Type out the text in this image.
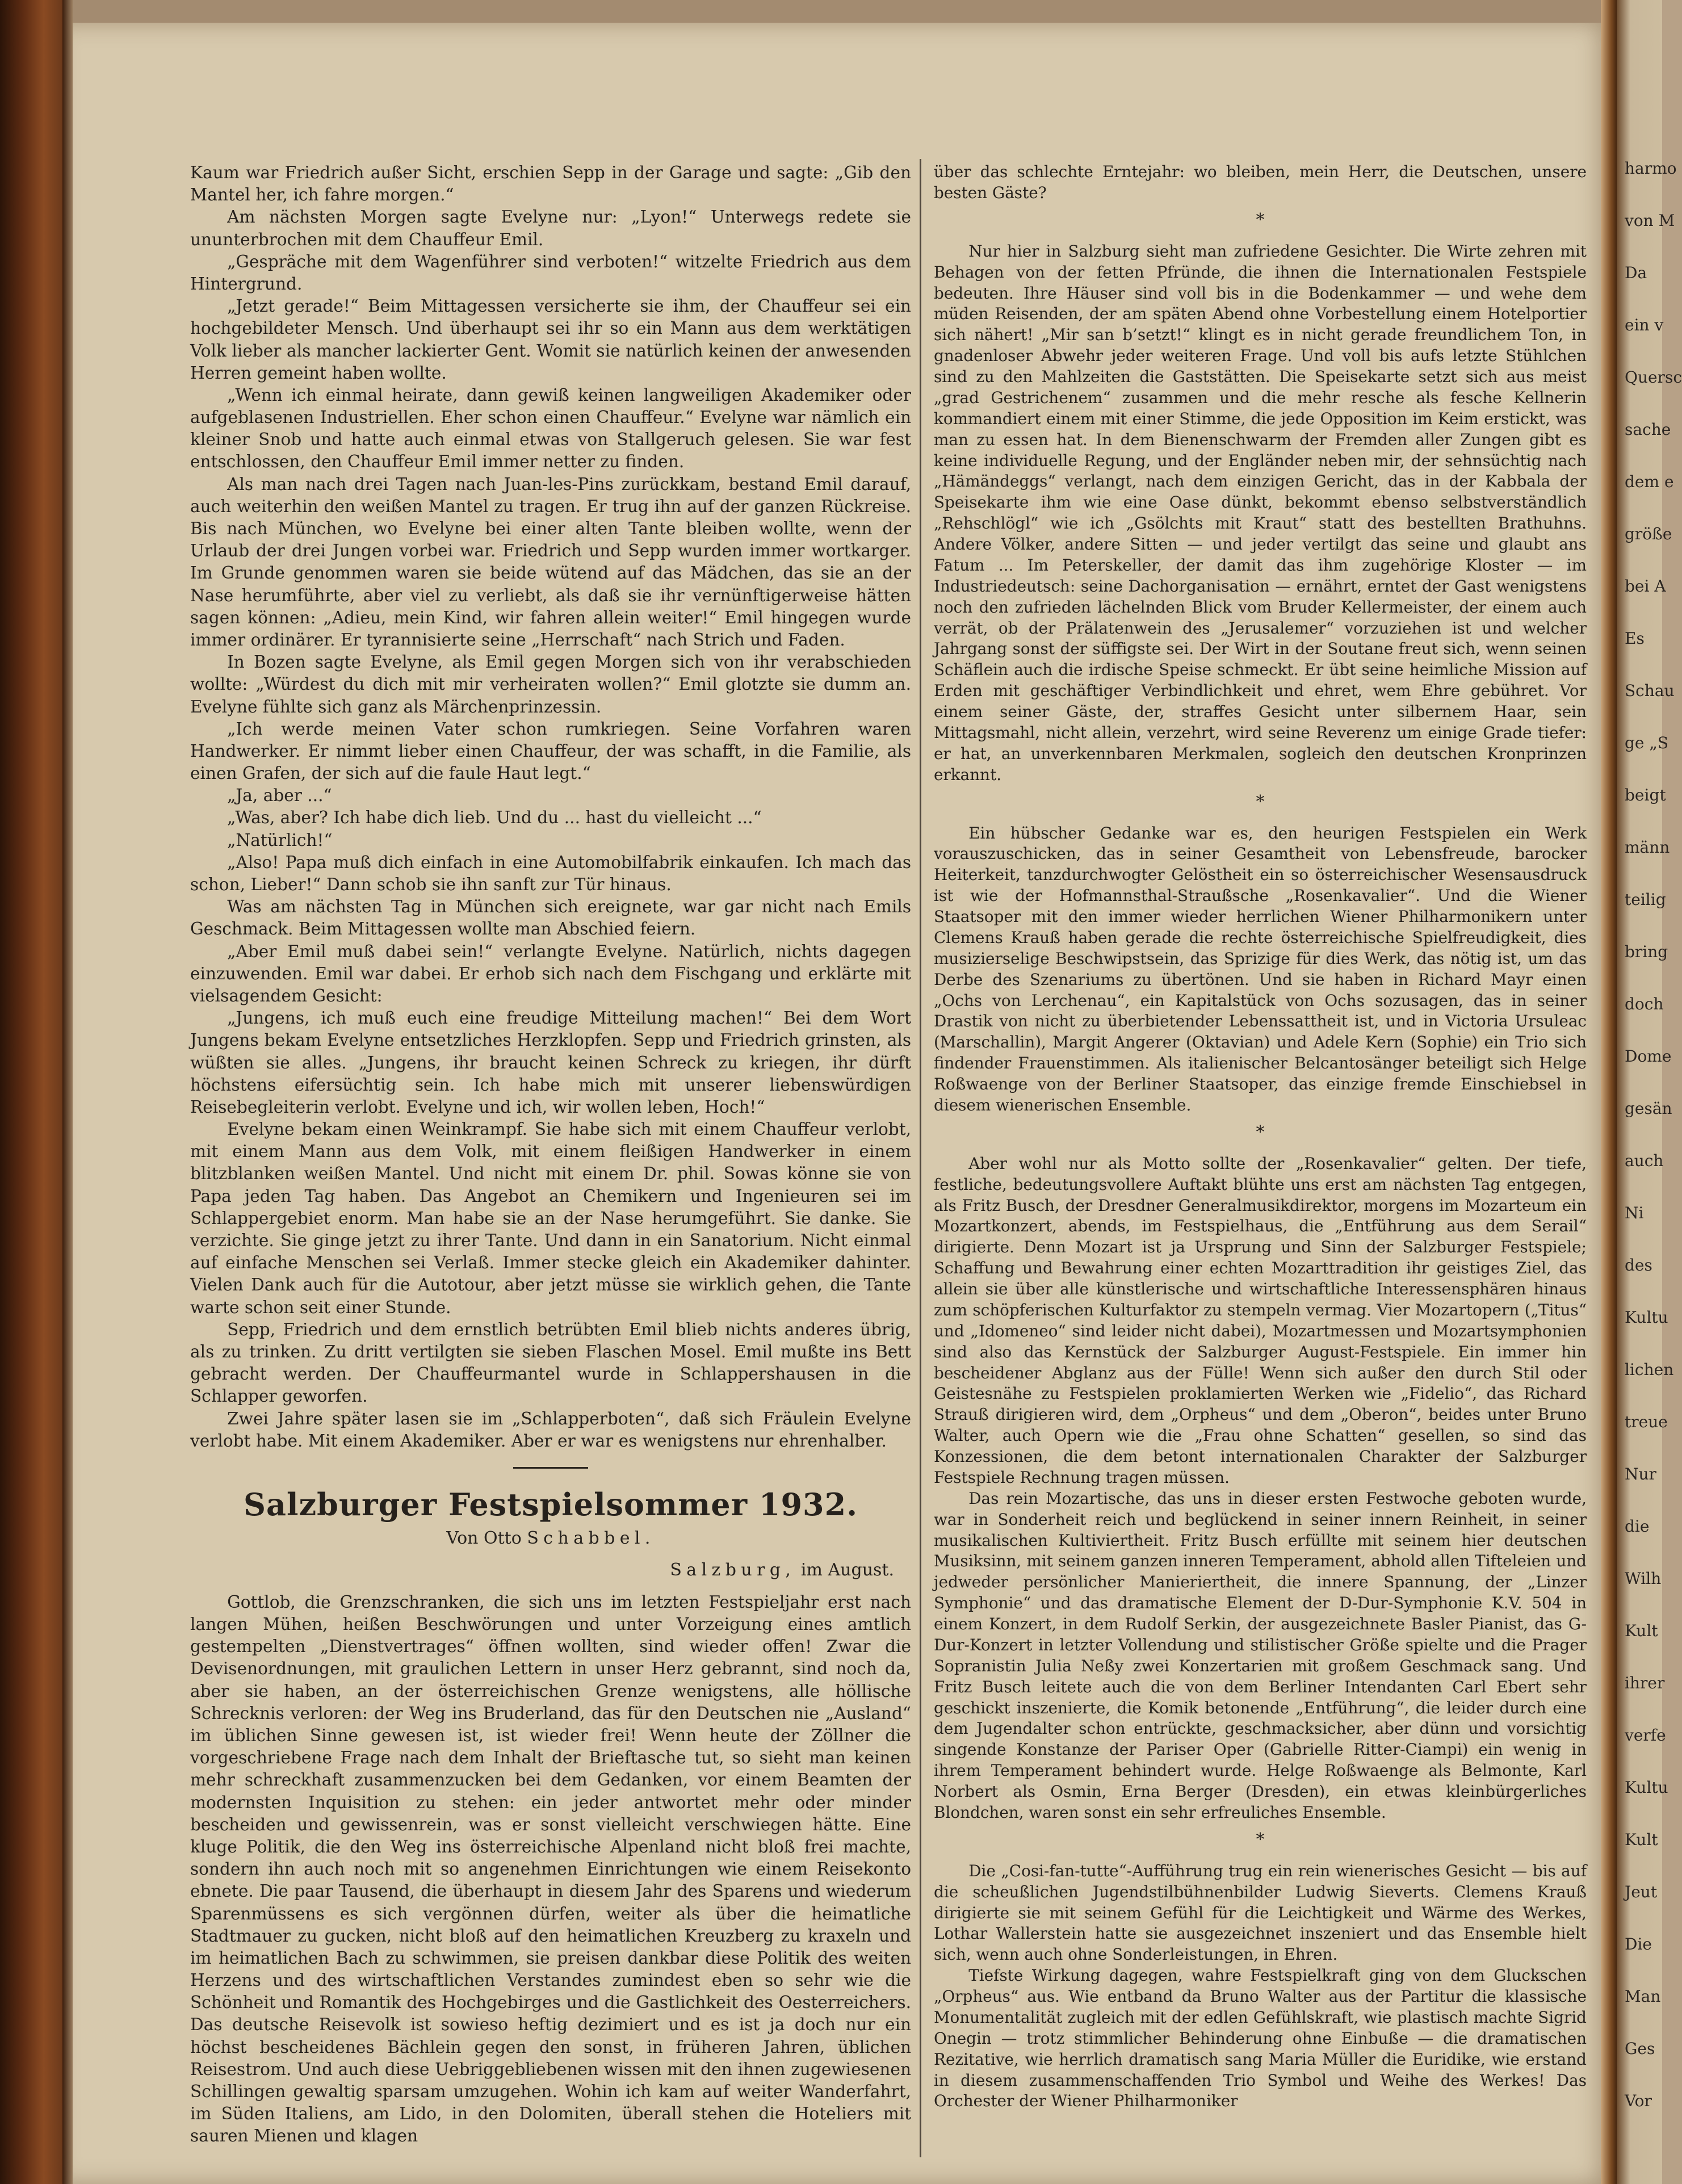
harmo
von M
Da
ein v
Quersc
sache
dem e
größe
bei A
Es
Schau
ge „S
beigt
männ
teilig
bring
doch
Dome
gesän
auch
Ni
des
Kultu
lichen
treue
Nur
die
Wilh
Kult
ihrer
verfe
Kultu
Kult
Jeut
Die
Man
Ges
Vor

Kaum war Friedrich außer Sicht, erschien Sepp in der Garage und sagte: „Gib den Mantel her, ich fahre morgen.“

Am nächsten Morgen sagte Evelyne nur: „Lyon!“ Unterwegs redete sie ununterbrochen mit dem Chauffeur Emil.

„Gespräche mit dem Wagenführer sind verboten!“ witzelte Friedrich aus dem Hintergrund.

„Jetzt gerade!“ Beim Mittagessen versicherte sie ihm, der Chauffeur sei ein hochgebildeter Mensch. Und überhaupt sei ihr so ein Mann aus dem werktätigen Volk lieber als mancher lackierter Gent. Womit sie natürlich keinen der anwesenden Herren gemeint haben wollte.

„Wenn ich einmal heirate, dann gewiß keinen langweiligen Akademiker oder aufgeblasenen Industriellen. Eher schon einen Chauffeur.“ Evelyne war nämlich ein kleiner Snob und hatte auch einmal etwas von Stallgeruch gelesen. Sie war fest entschlossen, den Chauffeur Emil immer netter zu finden.

Als man nach drei Tagen nach Juan-les-Pins zurückkam, bestand Emil darauf, auch weiterhin den weißen Mantel zu tragen. Er trug ihn auf der ganzen Rückreise. Bis nach München, wo Evelyne bei einer alten Tante bleiben wollte, wenn der Urlaub der drei Jungen vorbei war. Friedrich und Sepp wurden immer wortkarger. Im Grunde genommen waren sie beide wütend auf das Mädchen, das sie an der Nase herumführte, aber viel zu verliebt, als daß sie ihr vernünftigerweise hätten sagen können: „Adieu, mein Kind, wir fahren allein weiter!“ Emil hingegen wurde immer ordinärer. Er tyrannisierte seine „Herrschaft“ nach Strich und Faden.

In Bozen sagte Evelyne, als Emil gegen Morgen sich von ihr verabschieden wollte: „Würdest du dich mit mir verheiraten wollen?“ Emil glotzte sie dumm an. Evelyne fühlte sich ganz als Märchenprinzessin.

„Ich werde meinen Vater schon rumkriegen. Seine Vorfahren waren Handwerker. Er nimmt lieber einen Chauffeur, der was schafft, in die Familie, als einen Grafen, der sich auf die faule Haut legt.“

„Ja, aber ...“

„Was, aber? Ich habe dich lieb. Und du ... hast du vielleicht ...“

„Natürlich!“

„Also! Papa muß dich einfach in eine Automobilfabrik einkaufen. Ich mach das schon, Lieber!“ Dann schob sie ihn sanft zur Tür hinaus.

Was am nächsten Tag in München sich ereignete, war gar nicht nach Emils Geschmack. Beim Mittagessen wollte man Abschied feiern.

„Aber Emil muß dabei sein!“ verlangte Evelyne. Natürlich, nichts dagegen einzuwenden. Emil war dabei. Er erhob sich nach dem Fischgang und erklärte mit vielsagendem Gesicht:

„Jungens, ich muß euch eine freudige Mitteilung machen!“ Bei dem Wort Jungens bekam Evelyne entsetzliches Herzklopfen. Sepp und Friedrich grinsten, als wüßten sie alles. „Jungens, ihr braucht keinen Schreck zu kriegen, ihr dürft höchstens eifersüchtig sein. Ich habe mich mit unserer liebenswürdigen Reisebegleiterin verlobt. Evelyne und ich, wir wollen leben, Hoch!“

Evelyne bekam einen Weinkrampf. Sie habe sich mit einem Chauffeur verlobt, mit einem Mann aus dem Volk, mit einem fleißigen Handwerker in einem blitzblanken weißen Mantel. Und nicht mit einem Dr. phil. Sowas könne sie von Papa jeden Tag haben. Das Angebot an Chemikern und Ingenieuren sei im Schlappergebiet enorm. Man habe sie an der Nase herumgeführt. Sie danke. Sie verzichte. Sie ginge jetzt zu ihrer Tante. Und dann in ein Sanatorium. Nicht einmal auf einfache Menschen sei Verlaß. Immer stecke gleich ein Akademiker dahinter. Vielen Dank auch für die Autotour, aber jetzt müsse sie wirklich gehen, die Tante warte schon seit einer Stunde.

Sepp, Friedrich und dem ernstlich betrübten Emil blieb nichts anderes übrig, als zu trinken. Zu dritt vertilgten sie sieben Flaschen Mosel. Emil mußte ins Bett gebracht werden. Der Chauffeurmantel wurde in Schlappershausen in die Schlapper geworfen.

Zwei Jahre später lasen sie im „Schlapperboten“, daß sich Fräulein Evelyne verlobt habe. Mit einem Akademiker. Aber er war es wenigstens nur ehrenhalber.

Salzburger Festspielsommer 1932.
Von Otto Schabbel.
Salzburg, im August.

Gottlob, die Grenzschranken, die sich uns im letzten Festspieljahr erst nach langen Mühen, heißen Beschwörungen und unter Vorzeigung eines amtlich gestempelten „Dienstvertrages“ öffnen wollten, sind wieder offen! Zwar die Devisenordnungen, mit graulichen Lettern in unser Herz gebrannt, sind noch da, aber sie haben, an der österreichischen Grenze wenigstens, alle höllische Schrecknis verloren: der Weg ins Bruderland, das für den Deutschen nie „Ausland“ im üblichen Sinne gewesen ist, ist wieder frei! Wenn heute der Zöllner die vorgeschriebene Frage nach dem Inhalt der Brieftasche tut, so sieht man keinen mehr schreckhaft zusammenzucken bei dem Gedanken, vor einem Beamten der modernsten Inquisition zu stehen: ein jeder antwortet mehr oder minder bescheiden und gewissenrein, was er sonst vielleicht verschwiegen hätte. Eine kluge Politik, die den Weg ins österreichische Alpenland nicht bloß frei machte, sondern ihn auch noch mit so angenehmen Einrichtungen wie einem Reisekonto ebnete. Die paar Tausend, die überhaupt in diesem Jahr des Sparens und wiederum Sparenmüssens es sich vergönnen dürfen, weiter als über die heimatliche Stadtmauer zu gucken, nicht bloß auf den heimatlichen Kreuzberg zu kraxeln und im heimatlichen Bach zu schwimmen, sie preisen dankbar diese Politik des weiten Herzens und des wirtschaftlichen Verstandes zumindest eben so sehr wie die Schönheit und Romantik des Hochgebirges und die Gastlichkeit des Oesterreichers. Das deutsche Reisevolk ist sowieso heftig dezimiert und es ist ja doch nur ein höchst bescheidenes Bächlein gegen den sonst, in früheren Jahren, üblichen Reisestrom. Und auch diese Uebriggebliebenen wissen mit den ihnen zugewiesenen Schillingen gewaltig sparsam umzugehen. Wohin ich kam auf weiter Wanderfahrt, im Süden Italiens, am Lido, in den Dolomiten, überall stehen die Hoteliers mit sauren Mienen und klagen

über das schlechte Erntejahr: wo bleiben, mein Herr, die Deutschen, unsere besten Gäste?

*

Nur hier in Salzburg sieht man zufriedene Gesichter. Die Wirte zehren mit Behagen von der fetten Pfründe, die ihnen die Internationalen Festspiele bedeuten. Ihre Häuser sind voll bis in die Bodenkammer — und wehe dem müden Reisenden, der am späten Abend ohne Vorbestellung einem Hotelportier sich nähert! „Mir san b’setzt!“ klingt es in nicht gerade freundlichem Ton, in gnadenloser Abwehr jeder weiteren Frage. Und voll bis aufs letzte Stühlchen sind zu den Mahlzeiten die Gaststätten. Die Speisekarte setzt sich aus meist „grad Gestrichenem“ zusammen und die mehr resche als fesche Kellnerin kommandiert einem mit einer Stimme, die jede Opposition im Keim erstickt, was man zu essen hat. In dem Bienenschwarm der Fremden aller Zungen gibt es keine individuelle Regung, und der Engländer neben mir, der sehnsüchtig nach „Hämändeggs“ verlangt, nach dem einzigen Gericht, das in der Kabbala der Speisekarte ihm wie eine Oase dünkt, bekommt ebenso selbstverständlich „Rehschlögl“ wie ich „Gsölchts mit Kraut“ statt des bestellten Brathuhns. Andere Völker, andere Sitten — und jeder vertilgt das seine und glaubt ans Fatum ... Im Peterskeller, der damit das ihm zugehörige Kloster — im Industriedeutsch: seine Dachorganisation — ernährt, erntet der Gast wenigstens noch den zufrieden lächelnden Blick vom Bruder Kellermeister, der einem auch verrät, ob der Prälatenwein des „Jerusalemer“ vorzuziehen ist und welcher Jahrgang sonst der süffigste sei. Der Wirt in der Soutane freut sich, wenn seinen Schäflein auch die irdische Speise schmeckt. Er übt seine heimliche Mission auf Erden mit geschäftiger Verbindlichkeit und ehret, wem Ehre gebühret. Vor einem seiner Gäste, der, straffes Gesicht unter silbernem Haar, sein Mittagsmahl, nicht allein, verzehrt, wird seine Reverenz um einige Grade tiefer: er hat, an unverkennbaren Merkmalen, sogleich den deutschen Kronprinzen erkannt.

*

Ein hübscher Gedanke war es, den heurigen Festspielen ein Werk vorauszuschicken, das in seiner Gesamtheit von Lebensfreude, barocker Heiterkeit, tanzdurchwogter Gelöstheit ein so österreichischer Wesensausdruck ist wie der Hofmannsthal-Straußsche „Rosenkavalier“. Und die Wiener Staatsoper mit den immer wieder herrlichen Wiener Philharmonikern unter Clemens Krauß haben gerade die rechte österreichische Spielfreudigkeit, dies musizierselige Beschwipstsein, das Sprizige für dies Werk, das nötig ist, um das Derbe des Szenariums zu übertönen. Und sie haben in Richard Mayr einen „Ochs von Lerchenau“, ein Kapitalstück von Ochs sozusagen, das in seiner Drastik von nicht zu überbietender Lebenssattheit ist, und in Victoria Ursuleac (Marschallin), Margit Angerer (Oktavian) und Adele Kern (Sophie) ein Trio sich findender Frauenstimmen. Als italienischer Belcantosänger beteiligt sich Helge Roßwaenge von der Berliner Staatsoper, das einzige fremde Einschiebsel in diesem wienerischen Ensemble.

*

Aber wohl nur als Motto sollte der „Rosenkavalier“ gelten. Der tiefe, festliche, bedeutungsvollere Auftakt blühte uns erst am nächsten Tag entgegen, als Fritz Busch, der Dresdner Generalmusikdirektor, morgens im Mozarteum ein Mozartkonzert, abends, im Festspielhaus, die „Entführung aus dem Serail“ dirigierte. Denn Mozart ist ja Ursprung und Sinn der Salzburger Festspiele; Schaffung und Bewahrung einer echten Mozarttradition ihr geistiges Ziel, das allein sie über alle künstlerische und wirtschaftliche Interessensphären hinaus zum schöpferischen Kulturfaktor zu stempeln vermag. Vier Mozartopern („Titus“ und „Idomeneo“ sind leider nicht dabei), Mozartmessen und Mozartsymphonien sind also das Kernstück der Salzburger August-Festspiele. Ein immer hin bescheidener Abglanz aus der Fülle! Wenn sich außer den durch Stil oder Geistesnähe zu Festspielen proklamierten Werken wie „Fidelio“, das Richard Strauß dirigieren wird, dem „Orpheus“ und dem „Oberon“, beides unter Bruno Walter, auch Opern wie die „Frau ohne Schatten“ gesellen, so sind das Konzessionen, die dem betont internationalen Charakter der Salzburger Festspiele Rechnung tragen müssen.

Das rein Mozartische, das uns in dieser ersten Festwoche geboten wurde, war in Sonderheit reich und beglückend in seiner innern Reinheit, in seiner musikalischen Kultiviertheit. Fritz Busch erfüllte mit seinem hier deutschen Musiksinn, mit seinem ganzen inneren Temperament, abhold allen Tifteleien und jedweder persönlicher Manieriertheit, die innere Spannung, der „Linzer Symphonie“ und das dramatische Element der D-Dur-Symphonie K.V. 504 in einem Konzert, in dem Rudolf Serkin, der ausgezeichnete Basler Pianist, das G-Dur-Konzert in letzter Vollendung und stilistischer Größe spielte und die Prager Sopranistin Julia Neßy zwei Konzertarien mit großem Geschmack sang. Und Fritz Busch leitete auch die von dem Berliner Intendanten Carl Ebert sehr geschickt inszenierte, die Komik betonende „Entführung“, die leider durch eine dem Jugendalter schon entrückte, geschmacksicher, aber dünn und vorsichtig singende Konstanze der Pariser Oper (Gabrielle Ritter-Ciampi) ein wenig in ihrem Temperament behindert wurde. Helge Roßwaenge als Belmonte, Karl Norbert als Osmin, Erna Berger (Dresden), ein etwas kleinbürgerliches Blondchen, waren sonst ein sehr erfreuliches Ensemble.

*

Die „Cosi-fan-tutte“-Aufführung trug ein rein wienerisches Gesicht — bis auf die scheußlichen Jugendstilbühnenbilder Ludwig Sieverts. Clemens Krauß dirigierte sie mit seinem Gefühl für die Leichtigkeit und Wärme des Werkes, Lothar Wallerstein hatte sie ausgezeichnet inszeniert und das Ensemble hielt sich, wenn auch ohne Sonderleistungen, in Ehren.

Tiefste Wirkung dagegen, wahre Festspielkraft ging von dem Gluckschen „Orpheus“ aus. Wie entband da Bruno Walter aus der Partitur die klassische Monumentalität zugleich mit der edlen Gefühlskraft, wie plastisch machte Sigrid Onegin — trotz stimmlicher Behinderung ohne Einbuße — die dramatischen Rezitative, wie herrlich dramatisch sang Maria Müller die Euridike, wie erstand in diesem zusammenschaffenden Trio Symbol und Weihe des Werkes! Das Orchester der Wiener Philharmoniker
